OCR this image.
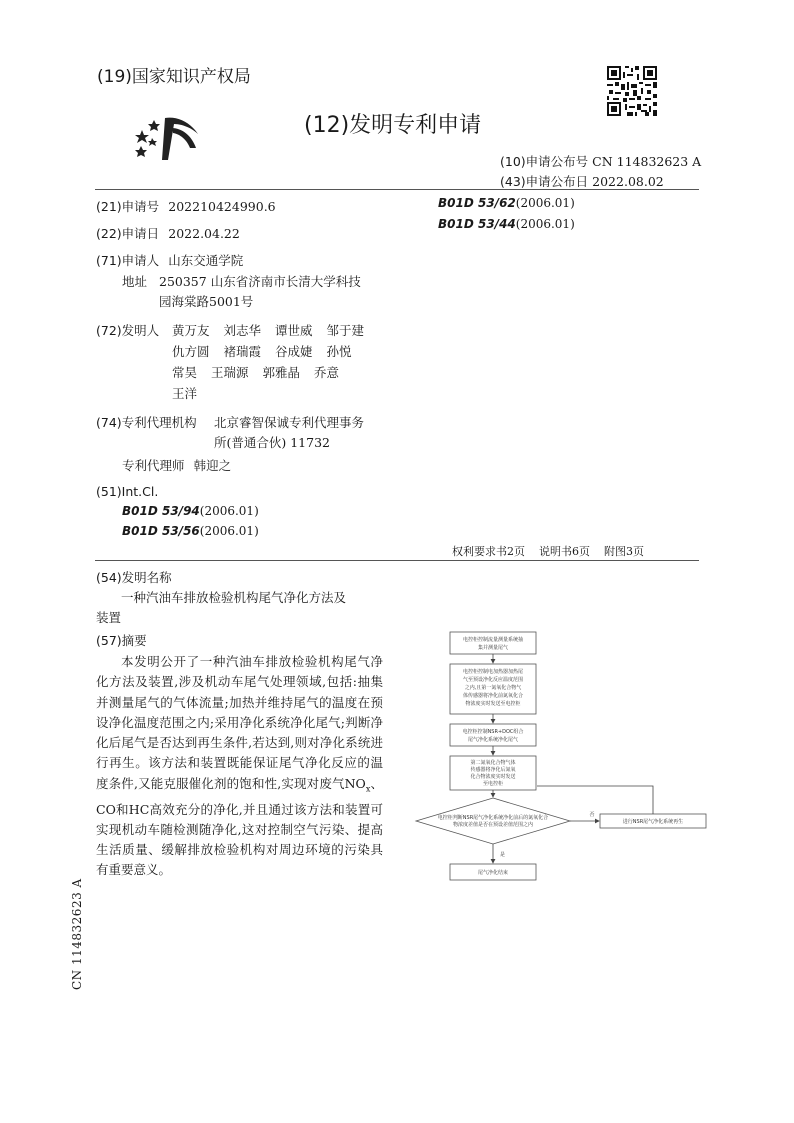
(19)国家知识产权局
(12)发明专利申请
(10)申请公布号 CN 114832623 A
(43)申请公布日 2022.08.02
(21)申请号 202210424990.6
(22)申请日 2022.04.22
(71)申请人 山东交通学院
地址 250357 山东省济南市长清大学科技
园海棠路5001号
(72)发明人 黄万友 刘志华 谭世威 邹于建
仇方圆 褚瑞霞 谷成婕 孙悦
常昊 王瑞源 郭雅晶 乔意
王洋
(74)专利代理机构 北京睿智保诚专利代理事务
所(普通合伙) 11732
专利代理师 韩迎之
(51)Int.Cl.
B01D 53/94(2006.01)
B01D 53/56(2006.01)
B01D 53/62(2006.01)
B01D 53/44(2006.01)
权利要求书2页 说明书6页 附图3页
(54)发明名称
一种汽油车排放检验机构尾气净化方法及
装置
(57)摘要
本发明公开了一种汽油车排放检验机构尾气净化方法及装置,涉及机动车尾气处理领域,包括:抽集并测量尾气的气体流量;加热并维持尾气的温度在预设净化温度范围之内;采用净化系统净化尾气;判断净化后尾气是否达到再生条件,若达到,则对净化系统进行再生。该方法和装置既能保证尾气净化反应的温度条件,又能克服催化剂的饱和性,实现对废气$NO_x$、CO和HC高效充分的净化,并且通过该方法和装置可实现机动车随检测随净化,这对控制空气污染、提高生活质量、缓解排放检验机构对周边环境的污染具有重要意义。
电控柜控制流量测量系统抽
集并测量尾气
电控柜控制电加热器加热尾
气至预设净化反应温度范围
之内,且第一氮氧化合物气
体传感器将净化前氮氧化合
物浓度实时发送至电控柜
电控柜控制NSR+DOC组合
尾气净化系统净化尾气
第二氮氧化合物气体
传感器将净化后氮氧
化合物浓度实时发送
至电控柜
电控柜判断NSR尾气净化系统净化前后的氮氧化合
物浓度差值是否在预设差值范围之内
否
是
进行NSR尾气净化系统再生
尾气净化结束
CN 114832623 A
